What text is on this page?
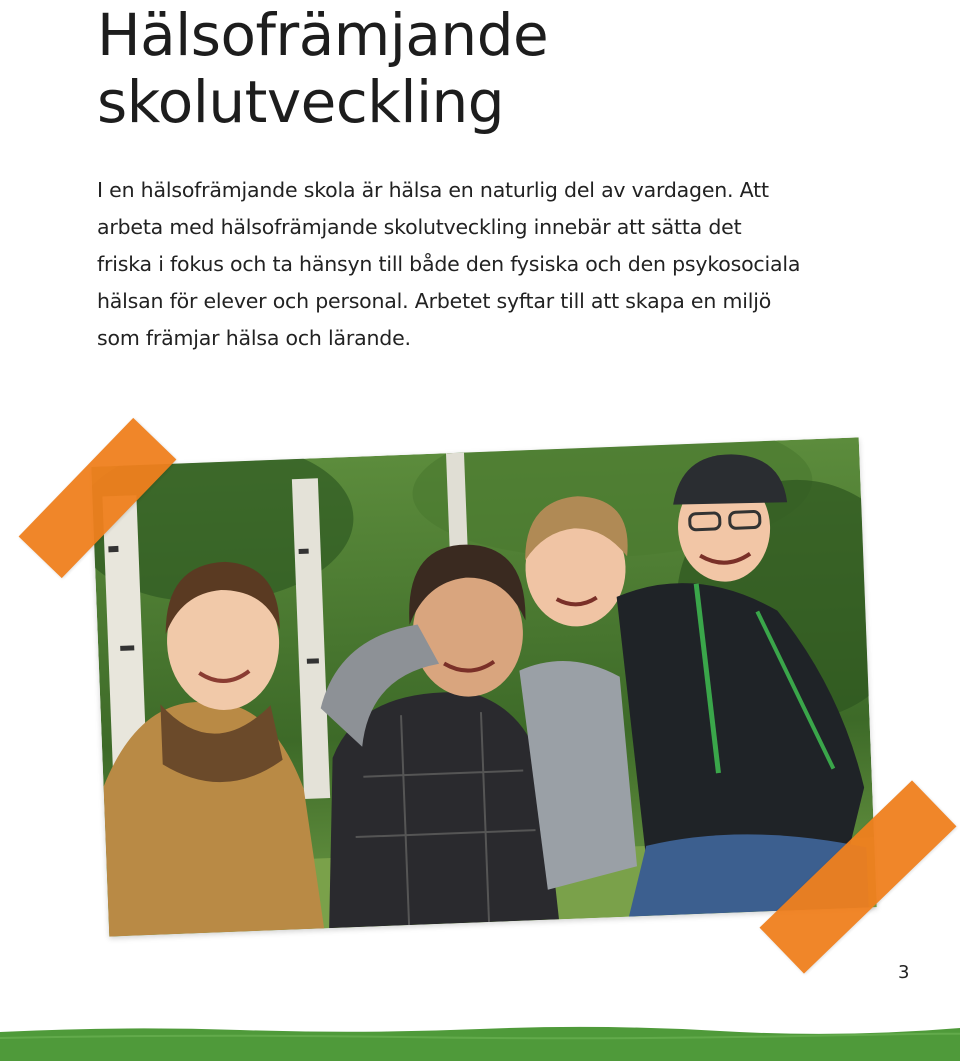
Hälsofrämjande
skolutveckling

I en hälsofrämjande skola är hälsa en naturlig del av vardagen. Att
arbeta med hälsofrämjande skolutveckling innebär att sätta det
friska i fokus och ta hänsyn till både den fysiska och den psykosociala
hälsan för elever och personal. Arbetet syftar till att skapa en miljö
som främjar hälsa och lärande.

3
